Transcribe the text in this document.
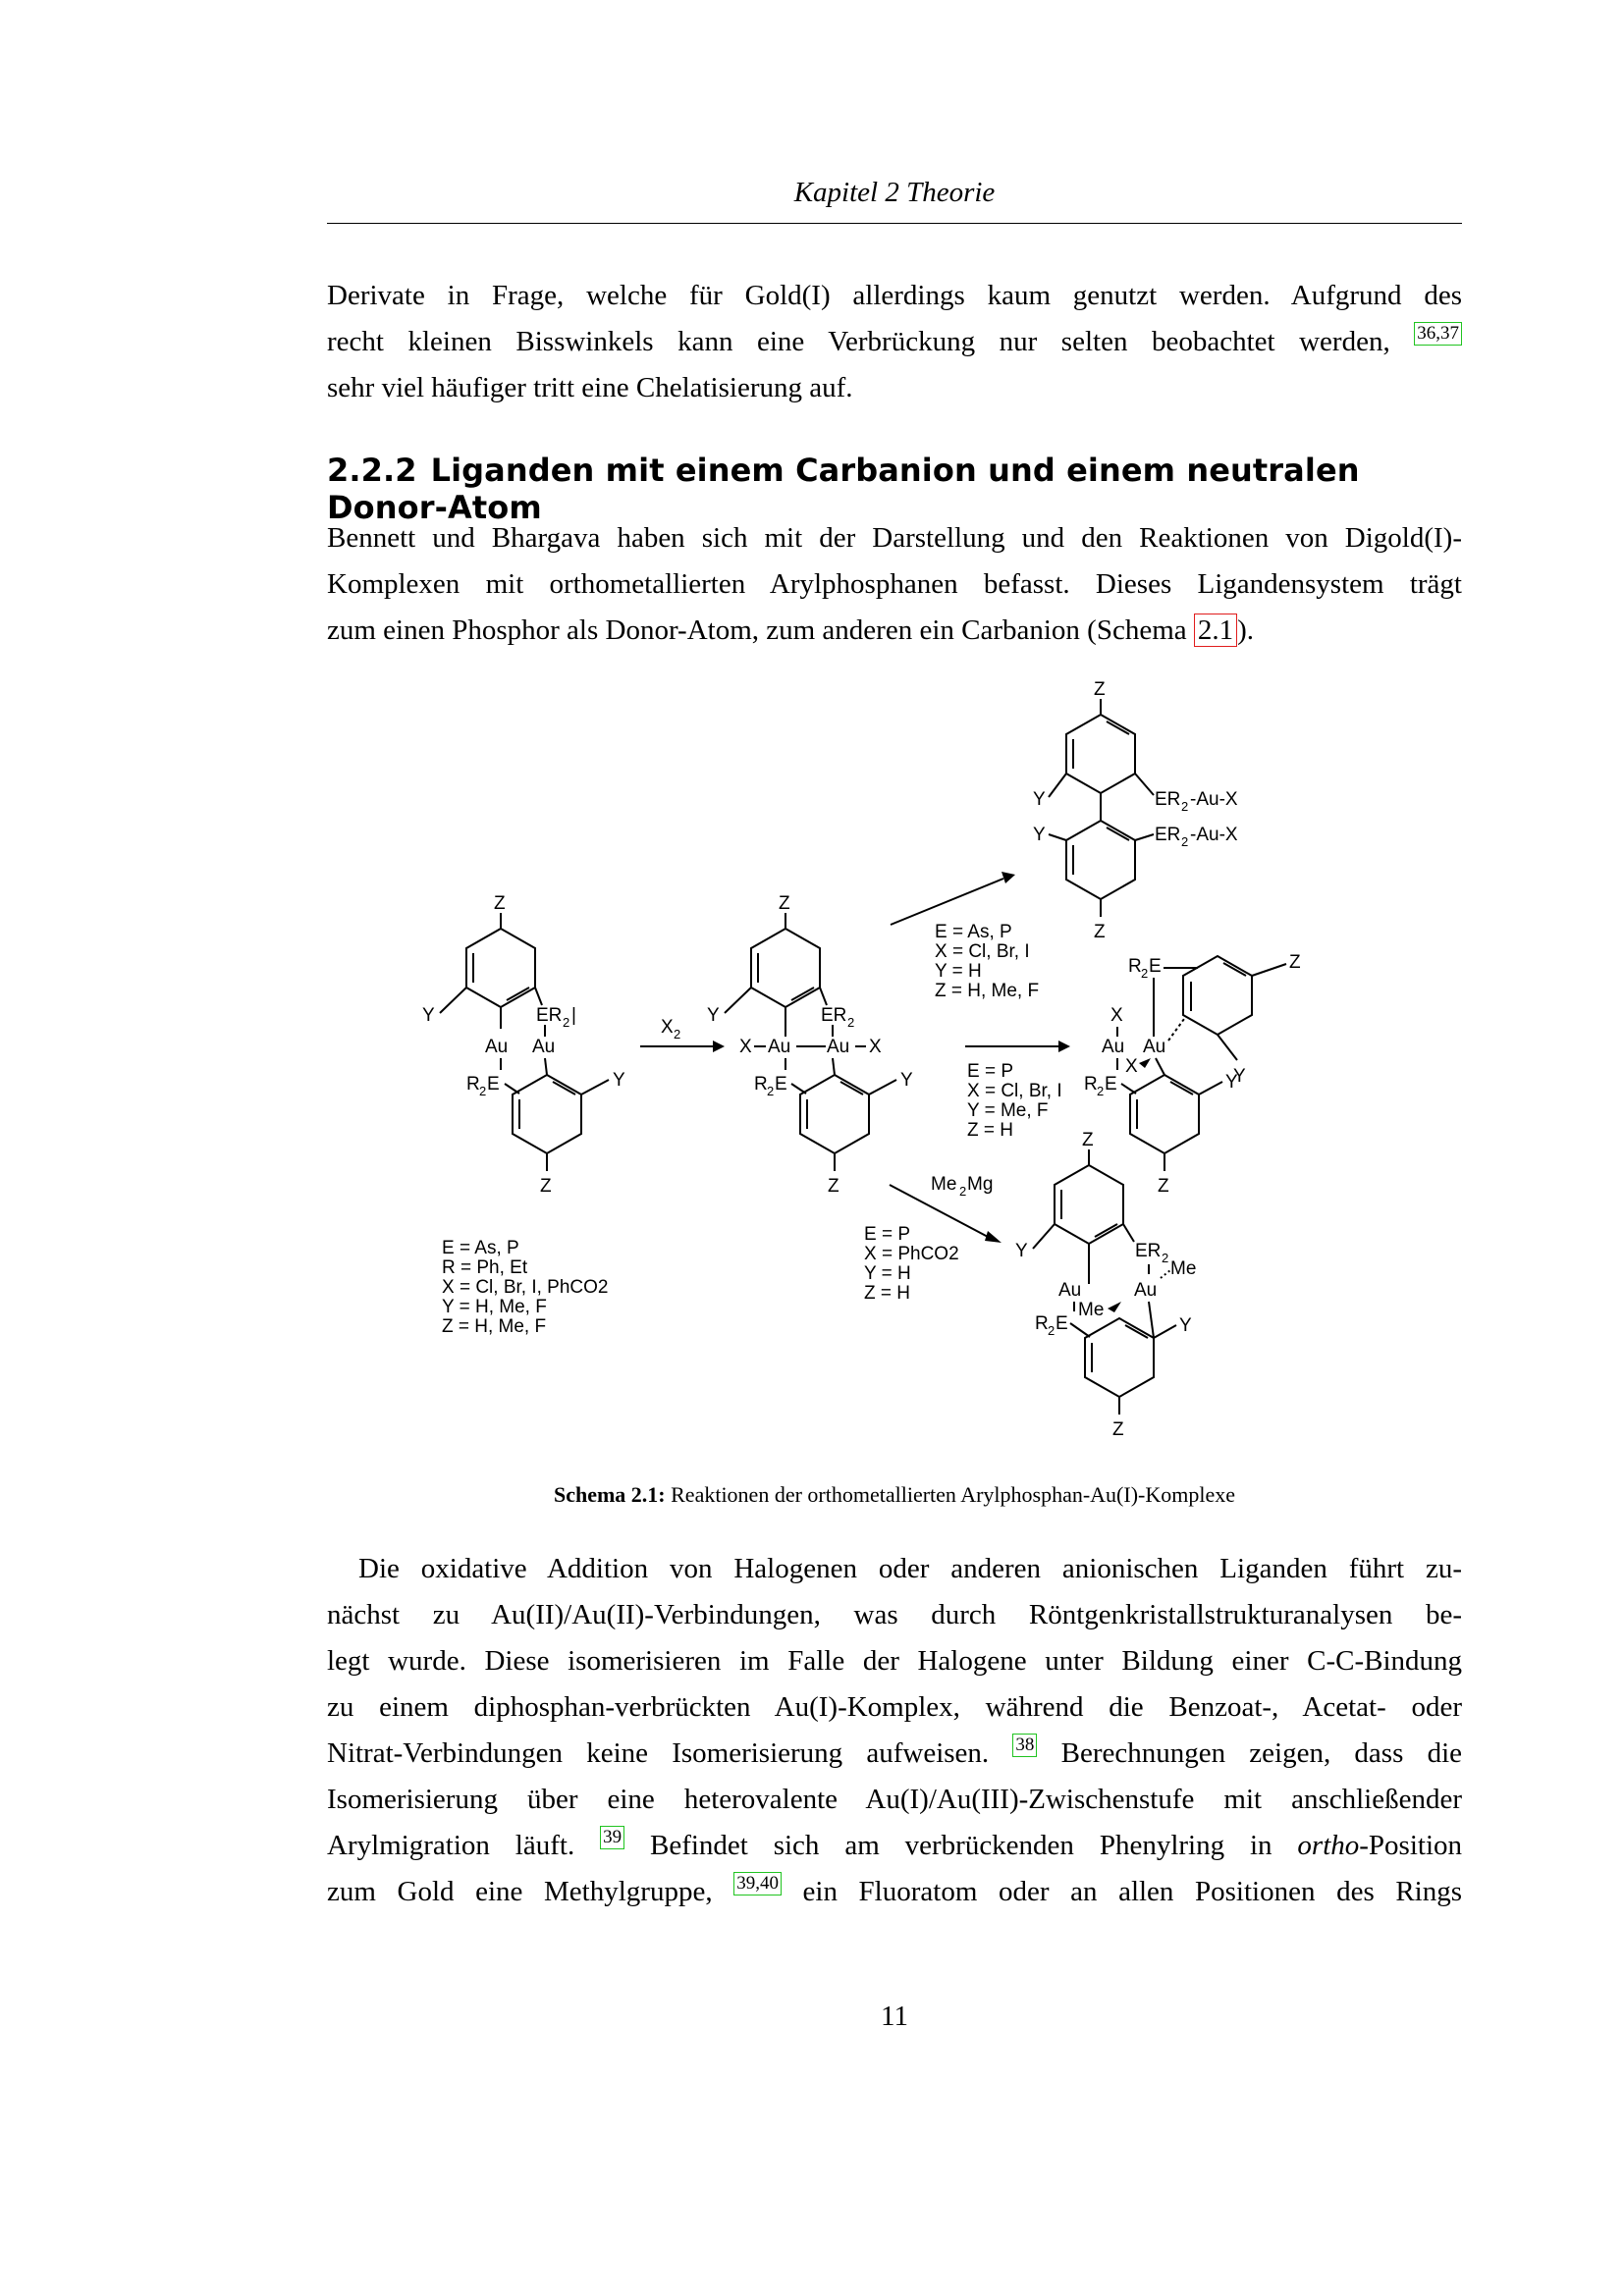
Kapitel 2 Theorie
Derivate in Frage, welche für Gold(I) allerdings kaum genutzt werden. Aufgrund des
recht kleinen Bisswinkels kann eine Verbrückung nur selten beobachtet werden, 36,37
sehr viel häufiger tritt eine Chelatisierung auf.
2.2.2 Liganden mit einem Carbanion und einem neutralen Donor-Atom
Bennett und Bhargava haben sich mit der Darstellung und den Reaktionen von Digold(I)-
Komplexen mit orthometallierten Arylphosphanen befasst. Dieses Ligandensystem trägt
zum einen Phosphor als Donor-Atom, zum anderen ein Carbanion (Schema 2.1 ).
Z
Y	ER 2 |
Au Au
R 2 E	Y
Z
X 2
Z
Y	ER 2
X Au Au X
R 2 E	Y
Z
E = As, P
X = Cl, Br, I
Y = H
Z = H, Me, F
E = P
X = Cl, Br, I
Y = Me, F
Z = H
Me 2 Mg
E = P
X = PhCO2
Y = H
Z = H
E = As, P
R = Ph, Et
X = Cl, Br, I, PhCO2
Y = H, Me, F
Z = H, Me, F
Z
Y	ER 2 -Au-X
Y	ER 2 -Au-X
Z
R 2 E	Z
Y
X
Au Au
X
R 2 E	Y
Z
Z
Y	ER 2
Me
Au	Au
Me
R 2 E	Y
Z
Schema 2.1: Reaktionen der orthometallierten Arylphosphan-Au(I)-Komplexe
Die oxidative Addition von Halogenen oder anderen anionischen Liganden führt zu-
nächst zu Au(II)/Au(II)-Verbindungen, was durch Röntgenkristallstrukturanalysen be-
legt wurde. Diese isomerisieren im Falle der Halogene unter Bildung einer C-C-Bindung
zu einem diphosphan-verbrückten Au(I)-Komplex, während die Benzoat-, Acetat- oder
Nitrat-Verbindungen keine Isomerisierung aufweisen. 38 Berechnungen zeigen, dass die
Isomerisierung über eine heterovalente Au(I)/Au(III)-Zwischenstufe mit anschließender
Arylmigration läuft. 39 Befindet sich am verbrückenden Phenylring in ortho-Position
zum Gold eine Methylgruppe, 39,40 ein Fluoratom oder an allen Positionen des Rings
11
